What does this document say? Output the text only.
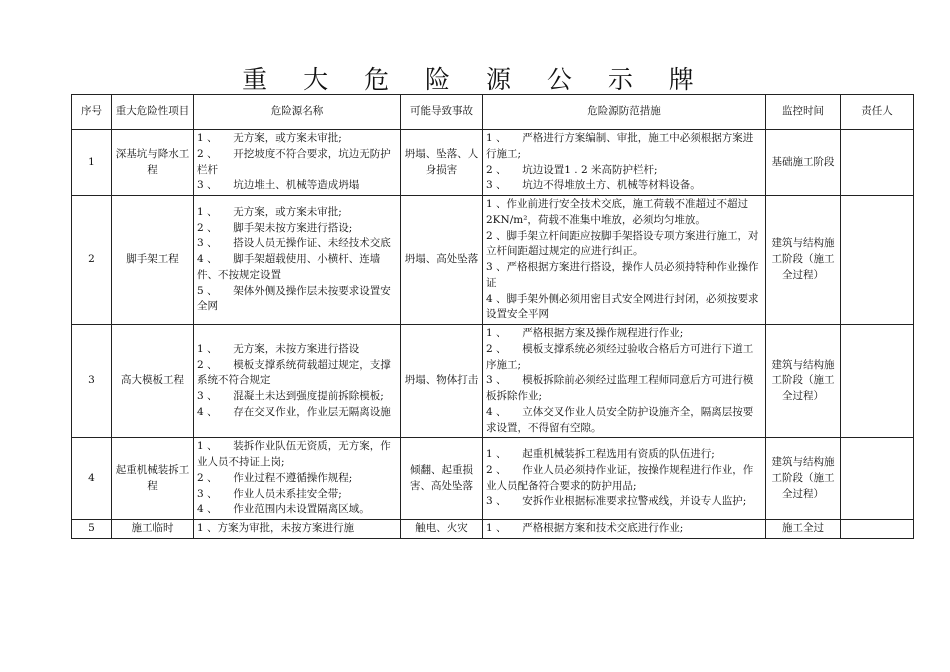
重 大 危 险 源 公 示 牌
序号	重大危险性项目	危险源名称	可能导致事故	危险源防范措施	监控时间	责任人
1	深基坑与降水工程	1 、　　无方案，或方案未审批;
2 、　　开挖坡度不符合要求，坑边无防护栏杆
3 、　　坑边堆土、机械等造成坍塌	坍塌、坠落、人身损害	1 、　　严格进行方案编制、审批，施工中必须根据方案进行施工;
2 、　　坑边设置1 . 2 米高防护栏杆;
3 、　　坑边不得堆放土方、机械等材料设备。	基础施工阶段	
2	脚手架工程	1 、　　无方案，或方案未审批;
2 、　　脚手架未按方案进行搭设;
3 、　　搭设人员无操作证、未经技术交底
4 、　　脚手架超载使用、小横杆、连墙件、不按规定设置
5 、　　架体外侧及操作层未按要求设置安全网	坍塌、高处坠落	1 、作业前进行安全技术交底，施工荷载不准超过不超过2KN/m²，荷载不准集中堆放，必须均匀堆放。
2 、脚手架立杆间距应按脚手架搭设专项方案进行施工，对立杆间距超过规定的应进行纠正。
3 、严格根据方案进行搭设，操作人员必须持特种作业操作证
4 、脚手架外侧必须用密目式安全网进行封闭，必须按要求设置安全平网	建筑与结构施工阶段（施工全过程）	
3	高大模板工程	1 、　　无方案，未按方案进行搭设
2 、　　模板支撑系统荷载超过规定，支撑系统不符合规定
3 、　　混凝土未达到强度提前拆除模板;
4 、　　存在交叉作业，作业层无隔离设施	坍塌、物体打击	1 、　　严格根据方案及操作规程进行作业;
2 、　　模板支撑系统必须经过验收合格后方可进行下道工序施工;
3 、　　模板拆除前必须经过监理工程师同意后方可进行模板拆除作业;
4 、　　立体交叉作业人员安全防护设施齐全，隔离层按要求设置，不得留有空隙。	建筑与结构施工阶段（施工全过程）	
4	起重机械装拆工程	1 、　　装拆作业队伍无资质，无方案，作业人员不持证上岗;
2 、　　作业过程不遵循操作规程;
3 、　　作业人员未系挂安全带;
4 、　　作业范围内未设置隔离区域。	倾翻、起重损害、高处坠落	1 、　　起重机械装拆工程选用有资质的队伍进行;
2 、　　作业人员必须持作业证，按操作规程进行作业，作业人员配备符合要求的防护用品;
3 、　　安拆作业根据标准要求拉警戒线，并设专人监护;	建筑与结构施工阶段（施工全过程）	
5	施工临时	1 、方案为审批，未按方案进行施	触电、火灾	1 、　　严格根据方案和技术交底进行作业;	施工全过	
